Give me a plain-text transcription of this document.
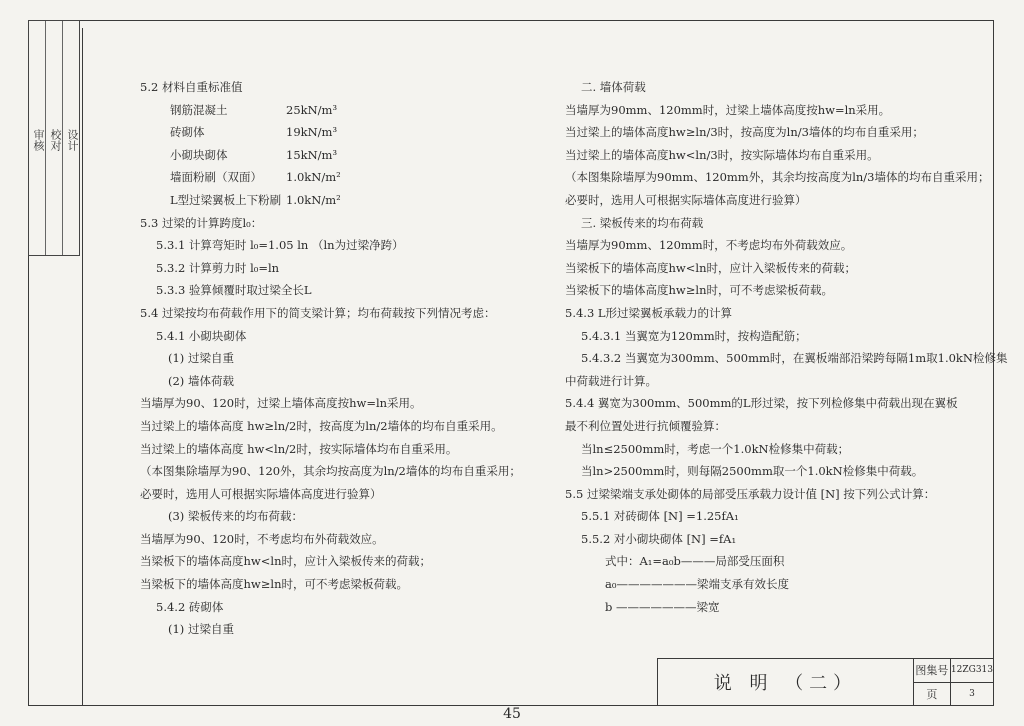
审核 校对 设计
5.2 材料自重标准值
钢筋混凝土	25kN/m³
砖砌体	19kN/m³
小砌块砌体	15kN/m³
墙面粉刷（双面）	1.0kN/m²
L型过梁翼板上下粉刷 1.0kN/m²
5.3 过梁的计算跨度l₀：
5.3.1 计算弯矩时 l₀=1.05 ln （ln为过梁净跨）
5.3.2 计算剪力时 l₀=ln
5.3.3 验算倾覆时取过梁全长L
5.4 过梁按均布荷载作用下的简支梁计算；均布荷载按下列情况考虑：
5.4.1 小砌块砌体
(1) 过梁自重
(2) 墙体荷载
当墙厚为90、120时，过梁上墙体高度按hw=ln采用。
当过梁上的墙体高度 hw≥ln/2时，按高度为ln/2墙体的均布自重采用。
当过梁上的墙体高度 hw<ln/2时，按实际墙体均布自重采用。
（本图集除墙厚为90、120外，其余均按高度为ln/2墙体的均布自重采用；
必要时，选用人可根据实际墙体高度进行验算）
(3) 梁板传来的均布荷载：
当墙厚为90、120时，不考虑均布外荷载效应。
当梁板下的墙体高度hw<ln时，应计入梁板传来的荷载；
当梁板下的墙体高度hw≥ln时，可不考虑梁板荷载。
5.4.2 砖砌体
(1) 过梁自重
二. 墙体荷载
当墙厚为90mm、120mm时，过梁上墙体高度按hw=ln采用。
当过梁上的墙体高度hw≥ln/3时，按高度为ln/3墙体的均布自重采用；
当过梁上的墙体高度hw<ln/3时，按实际墙体均布自重采用。
（本图集除墙厚为90mm、120mm外，其余均按高度为ln/3墙体的均布自重采用；
必要时，选用人可根据实际墙体高度进行验算）
三. 梁板传来的均布荷载
当墙厚为90mm、120mm时，不考虑均布外荷载效应。
当梁板下的墙体高度hw<ln时，应计入梁板传来的荷载；
当梁板下的墙体高度hw≥ln时，可不考虑梁板荷载。
5.4.3 L形过梁翼板承载力的计算
5.4.3.1 当翼宽为120mm时，按构造配筋；
5.4.3.2 当翼宽为300mm、500mm时，在翼板端部沿梁跨每隔1m取1.0kN检修集
中荷载进行计算。
5.4.4 翼宽为300mm、500mm的L形过梁，按下列检修集中荷载出现在翼板
最不利位置处进行抗倾覆验算：
当ln≤2500mm时，考虑一个1.0kN检修集中荷载；
当ln>2500mm时，则每隔2500mm取一个1.0kN检修集中荷载。
5.5 过梁梁端支承处砌体的局部受压承载力设计值 [N] 按下列公式计算：
5.5.1 对砖砌体 [N] =1.25fA₁
5.5.2 对小砌块砌体 [N] =fA₁
式中：A₁=a₀b———局部受压面积
a₀———————梁端支承有效长度
b ———————梁宽
说 明 （二）
图集号 12ZG313
页	3
45
